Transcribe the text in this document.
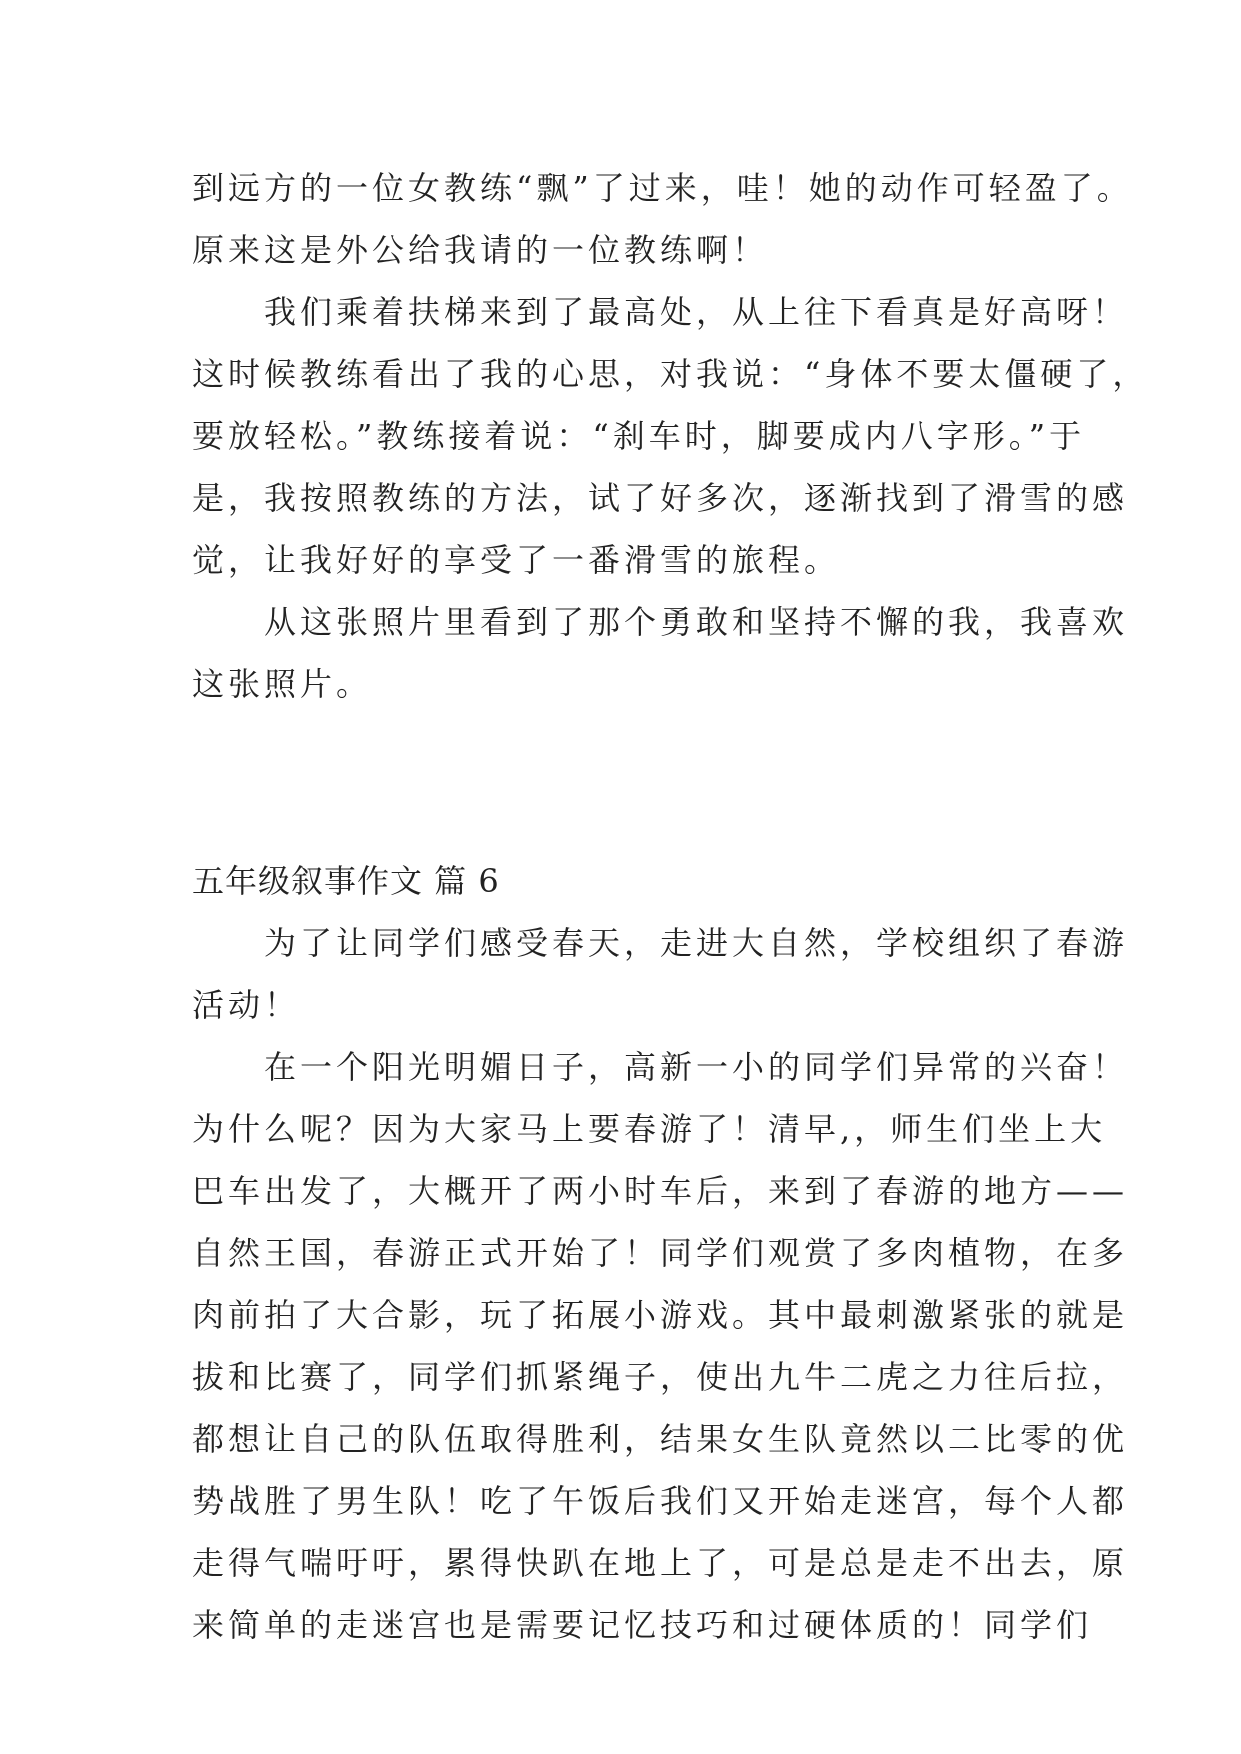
到远方的一位女教练“飘”了过来，哇！她的动作可轻盈了。

原来这是外公给我请的一位教练啊！

　　我们乘着扶梯来到了最高处，从上往下看真是好高呀！

这时候教练看出了我的心思，对我说：“身体不要太僵硬了，

要放轻松。”教练接着说：“刹车时，脚要成内八字形。”于

是，我按照教练的方法，试了好多次，逐渐找到了滑雪的感

觉，让我好好的享受了一番滑雪的旅程。

　　从这张照片里看到了那个勇敢和坚持不懈的我，我喜欢

这张照片。

五年级叙事作文 篇 6

　　为了让同学们感受春天，走进大自然，学校组织了春游

活动！

　　在一个阳光明媚日子，高新一小的同学们异常的兴奋！

为什么呢？因为大家马上要春游了！清早,，师生们坐上大

巴车出发了，大概开了两小时车后，来到了春游的地方——

自然王国，春游正式开始了！同学们观赏了多肉植物，在多

肉前拍了大合影，玩了拓展小游戏。其中最刺激紧张的就是

拔和比赛了，同学们抓紧绳子，使出九牛二虎之力往后拉，

都想让自己的队伍取得胜利，结果女生队竟然以二比零的优

势战胜了男生队！吃了午饭后我们又开始走迷宫，每个人都

走得气喘吁吁，累得快趴在地上了，可是总是走不出去，原

来简单的走迷宫也是需要记忆技巧和过硬体质的！同学们
